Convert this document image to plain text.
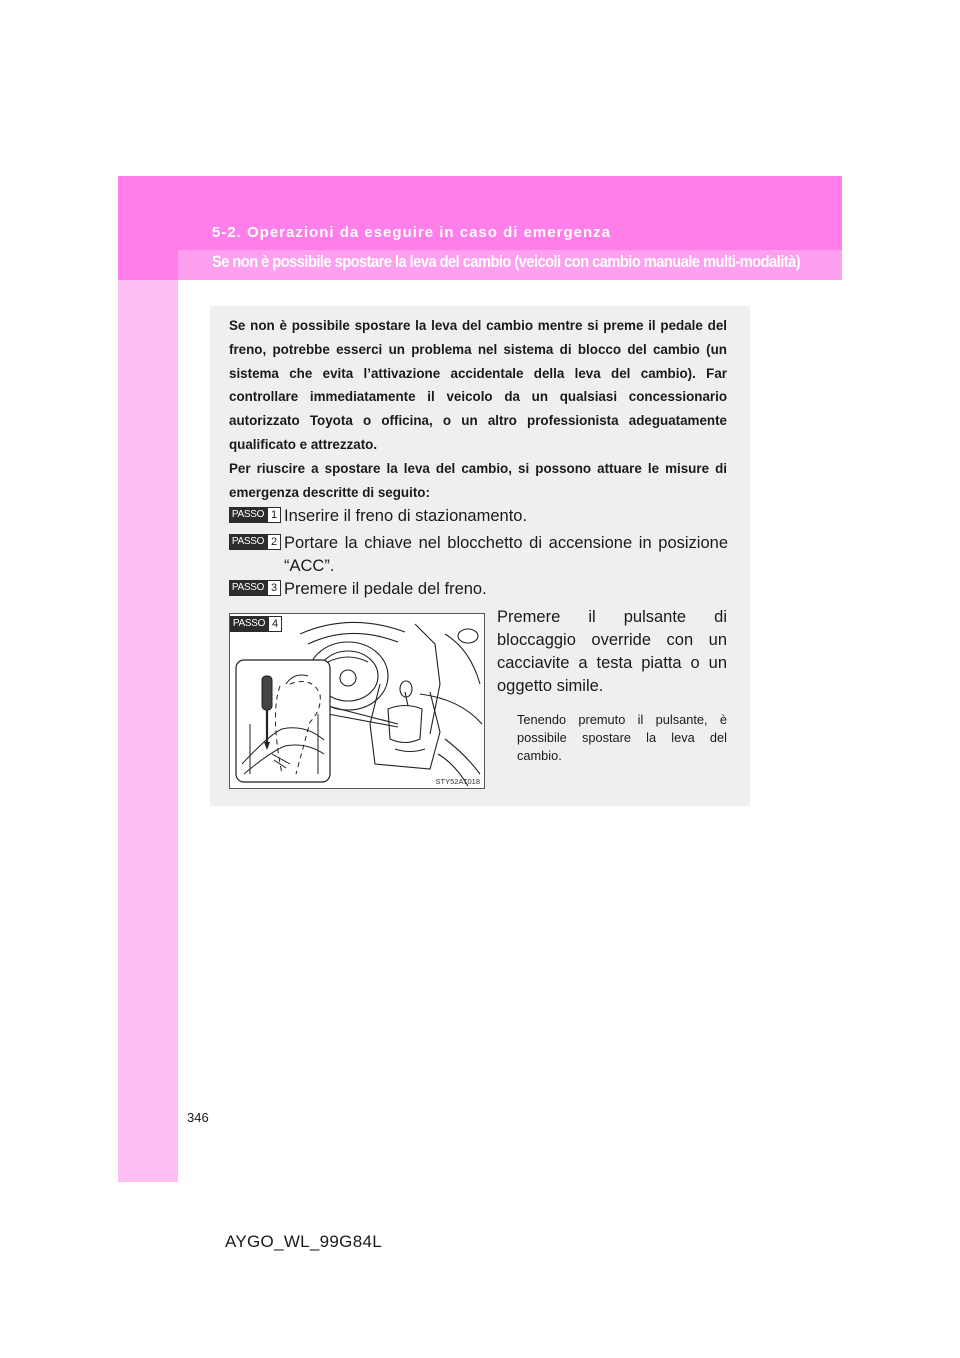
5-2. Operazioni da eseguire in caso di emergenza
Se non è possibile spostare la leva del cambio (veicoli con cambio manuale multi-modalità)

Se non è possibile spostare la leva del cambio mentre si preme il pedale del freno, potrebbe esserci un problema nel sistema di blocco del cambio (un sistema che evita l’attivazione accidentale della leva del cambio). Far controllare immediatamente il veicolo da un qualsiasi concessionario autorizzato Toyota o officina, o un altro professionista adeguatamente qualificato e attrezzato.
Per riuscire a spostare la leva del cambio, si possono attuare le misure di emergenza descritte di seguito:

PASSO 1 Inserire il freno di stazionamento.
PASSO 2 Portare la chiave nel blocchetto di accensione in posizione “ACC”.
PASSO 3 Premere il pedale del freno.
PASSO 4
STY52AT018
Premere il pulsante di bloccaggio override con un cacciavite a testa piatta o un oggetto simile.
Tenendo premuto il pulsante, è possibile spostare la leva del cambio.
346
AYGO_WL_99G84L
